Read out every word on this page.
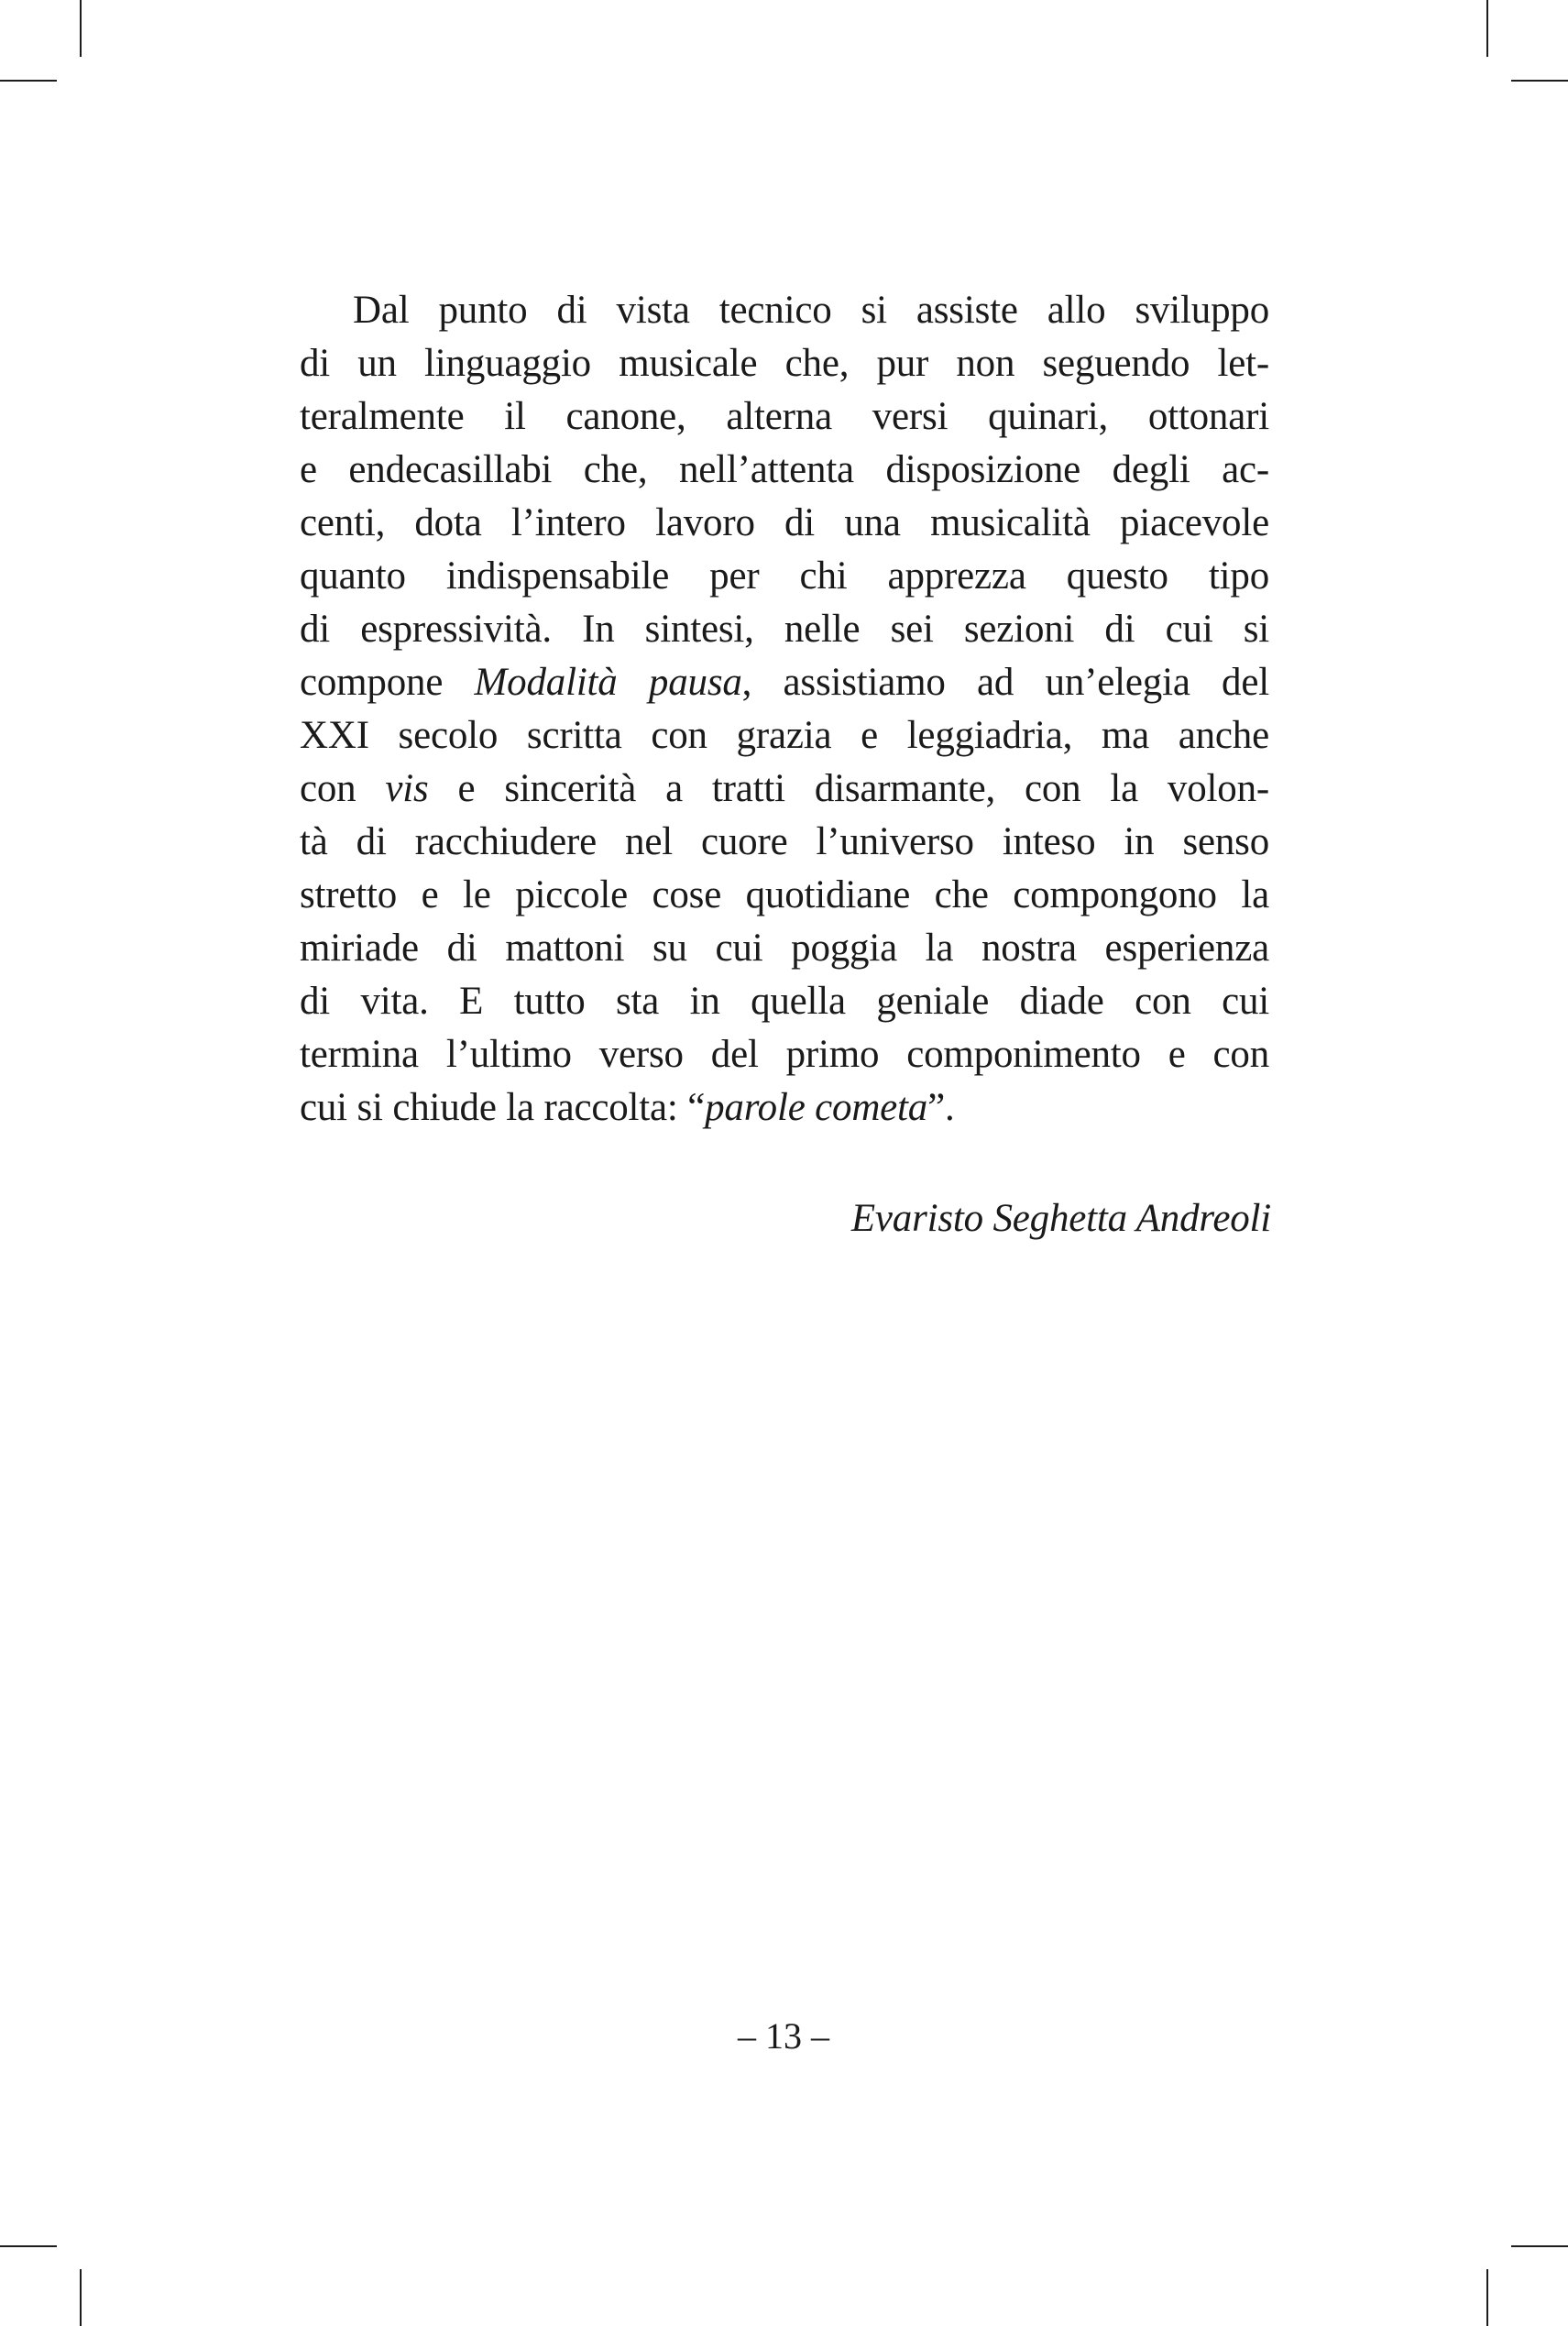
Dal punto di vista tecnico si assiste allo sviluppo
di un linguaggio musicale che, pur non seguendo let-
teralmente il canone, alterna versi quinari, ottonari
e endecasillabi che, nell’attenta disposizione degli ac-
centi, dota l’intero lavoro di una musicalità piacevole
quanto indispensabile per chi apprezza questo tipo
di espressività. In sintesi, nelle sei sezioni di cui si
compone Modalità pausa, assistiamo ad un’elegia del
XXI secolo scritta con grazia e leggiadria, ma anche
con vis e sincerità a tratti disarmante, con la volon-
tà di racchiudere nel cuore l’universo inteso in senso
stretto e le piccole cose quotidiane che compongono la
miriade di mattoni su cui poggia la nostra esperienza
di vita. E tutto sta in quella geniale diade con cui
termina l’ultimo verso del primo componimento e con
cui si chiude la raccolta: “parole cometa”.
Evaristo Seghetta Andreoli
– 13 –
